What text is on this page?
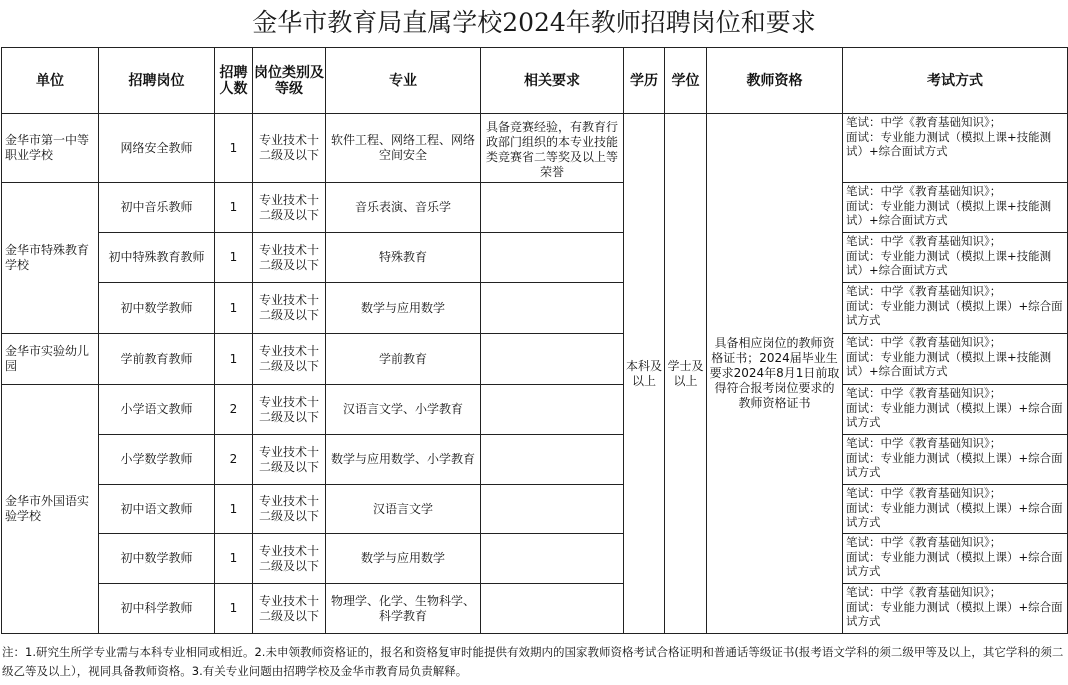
金华市教育局直属学校2024年教师招聘岗位和要求
单位	招聘岗位	招聘人数	岗位类别及等级	专业	相关要求	学历	学位	教师资格	考试方式
金华市第一中等职业学校	网络安全教师	1	专业技术十二级及以下	软件工程、网络工程、网络空间安全	具备竞赛经验，有教育行政部门组织的本专业技能类竞赛省二等奖及以上等荣誉	本科及以上	学士及以上	具备相应岗位的教师资格证书；2024届毕业生要求2024年8月1日前取得符合报考岗位要求的教师资格证书	笔试：中学《教育基础知识》；
面试：专业能力测试（模拟上课+技能测试）+综合面试方式

金华市特殊教育学校	初中音乐教师	1	专业技术十二级及以下	音乐表演、音乐学					笔试：中学《教育基础知识》；
面试：专业能力测试（模拟上课+技能测试）+综合面试方式

	初中特殊教育教师	1	专业技术十二级及以下	特殊教育					笔试：中学《教育基础知识》；
面试：专业能力测试（模拟上课+技能测试）+综合面试方式

	初中数学教师	1	专业技术十二级及以下	数学与应用数学					笔试：中学《教育基础知识》；
面试：专业能力测试（模拟上课）+综合面试方式

金华市实验幼儿园	学前教育教师	1	专业技术十二级及以下	学前教育					笔试：中学《教育基础知识》；
面试：专业能力测试（模拟上课+技能测试）+综合面试方式

金华市外国语实验学校	小学语文教师	2	专业技术十二级及以下	汉语言文学、小学教育					笔试：中学《教育基础知识》；
面试：专业能力测试（模拟上课）+综合面试方式

	小学数学教师	2	专业技术十二级及以下	数学与应用数学、小学教育					笔试：中学《教育基础知识》；
面试：专业能力测试（模拟上课）+综合面试方式

	初中语文教师	1	专业技术十二级及以下	汉语言文学					笔试：中学《教育基础知识》；
面试：专业能力测试（模拟上课）+综合面试方式

	初中数学教师	1	专业技术十二级及以下	数学与应用数学					笔试：中学《教育基础知识》；
面试：专业能力测试（模拟上课）+综合面试方式

	初中科学教师	1	专业技术十二级及以下	物理学、化学、生物科学、科学教育					笔试：中学《教育基础知识》；
面试：专业能力测试（模拟上课）+综合面试方式
注：1.研究生所学专业需与本科专业相同或相近。2.未申领教师资格证的，报名和资格复审时能提供有效期内的国家教师资格考试合格证明和普通话等级证书(报考语文学科的须二级甲等及以上，其它学科的须二级乙等及以上），视同具备教师资格。3.有关专业问题由招聘学校及金华市教育局负责解释。
